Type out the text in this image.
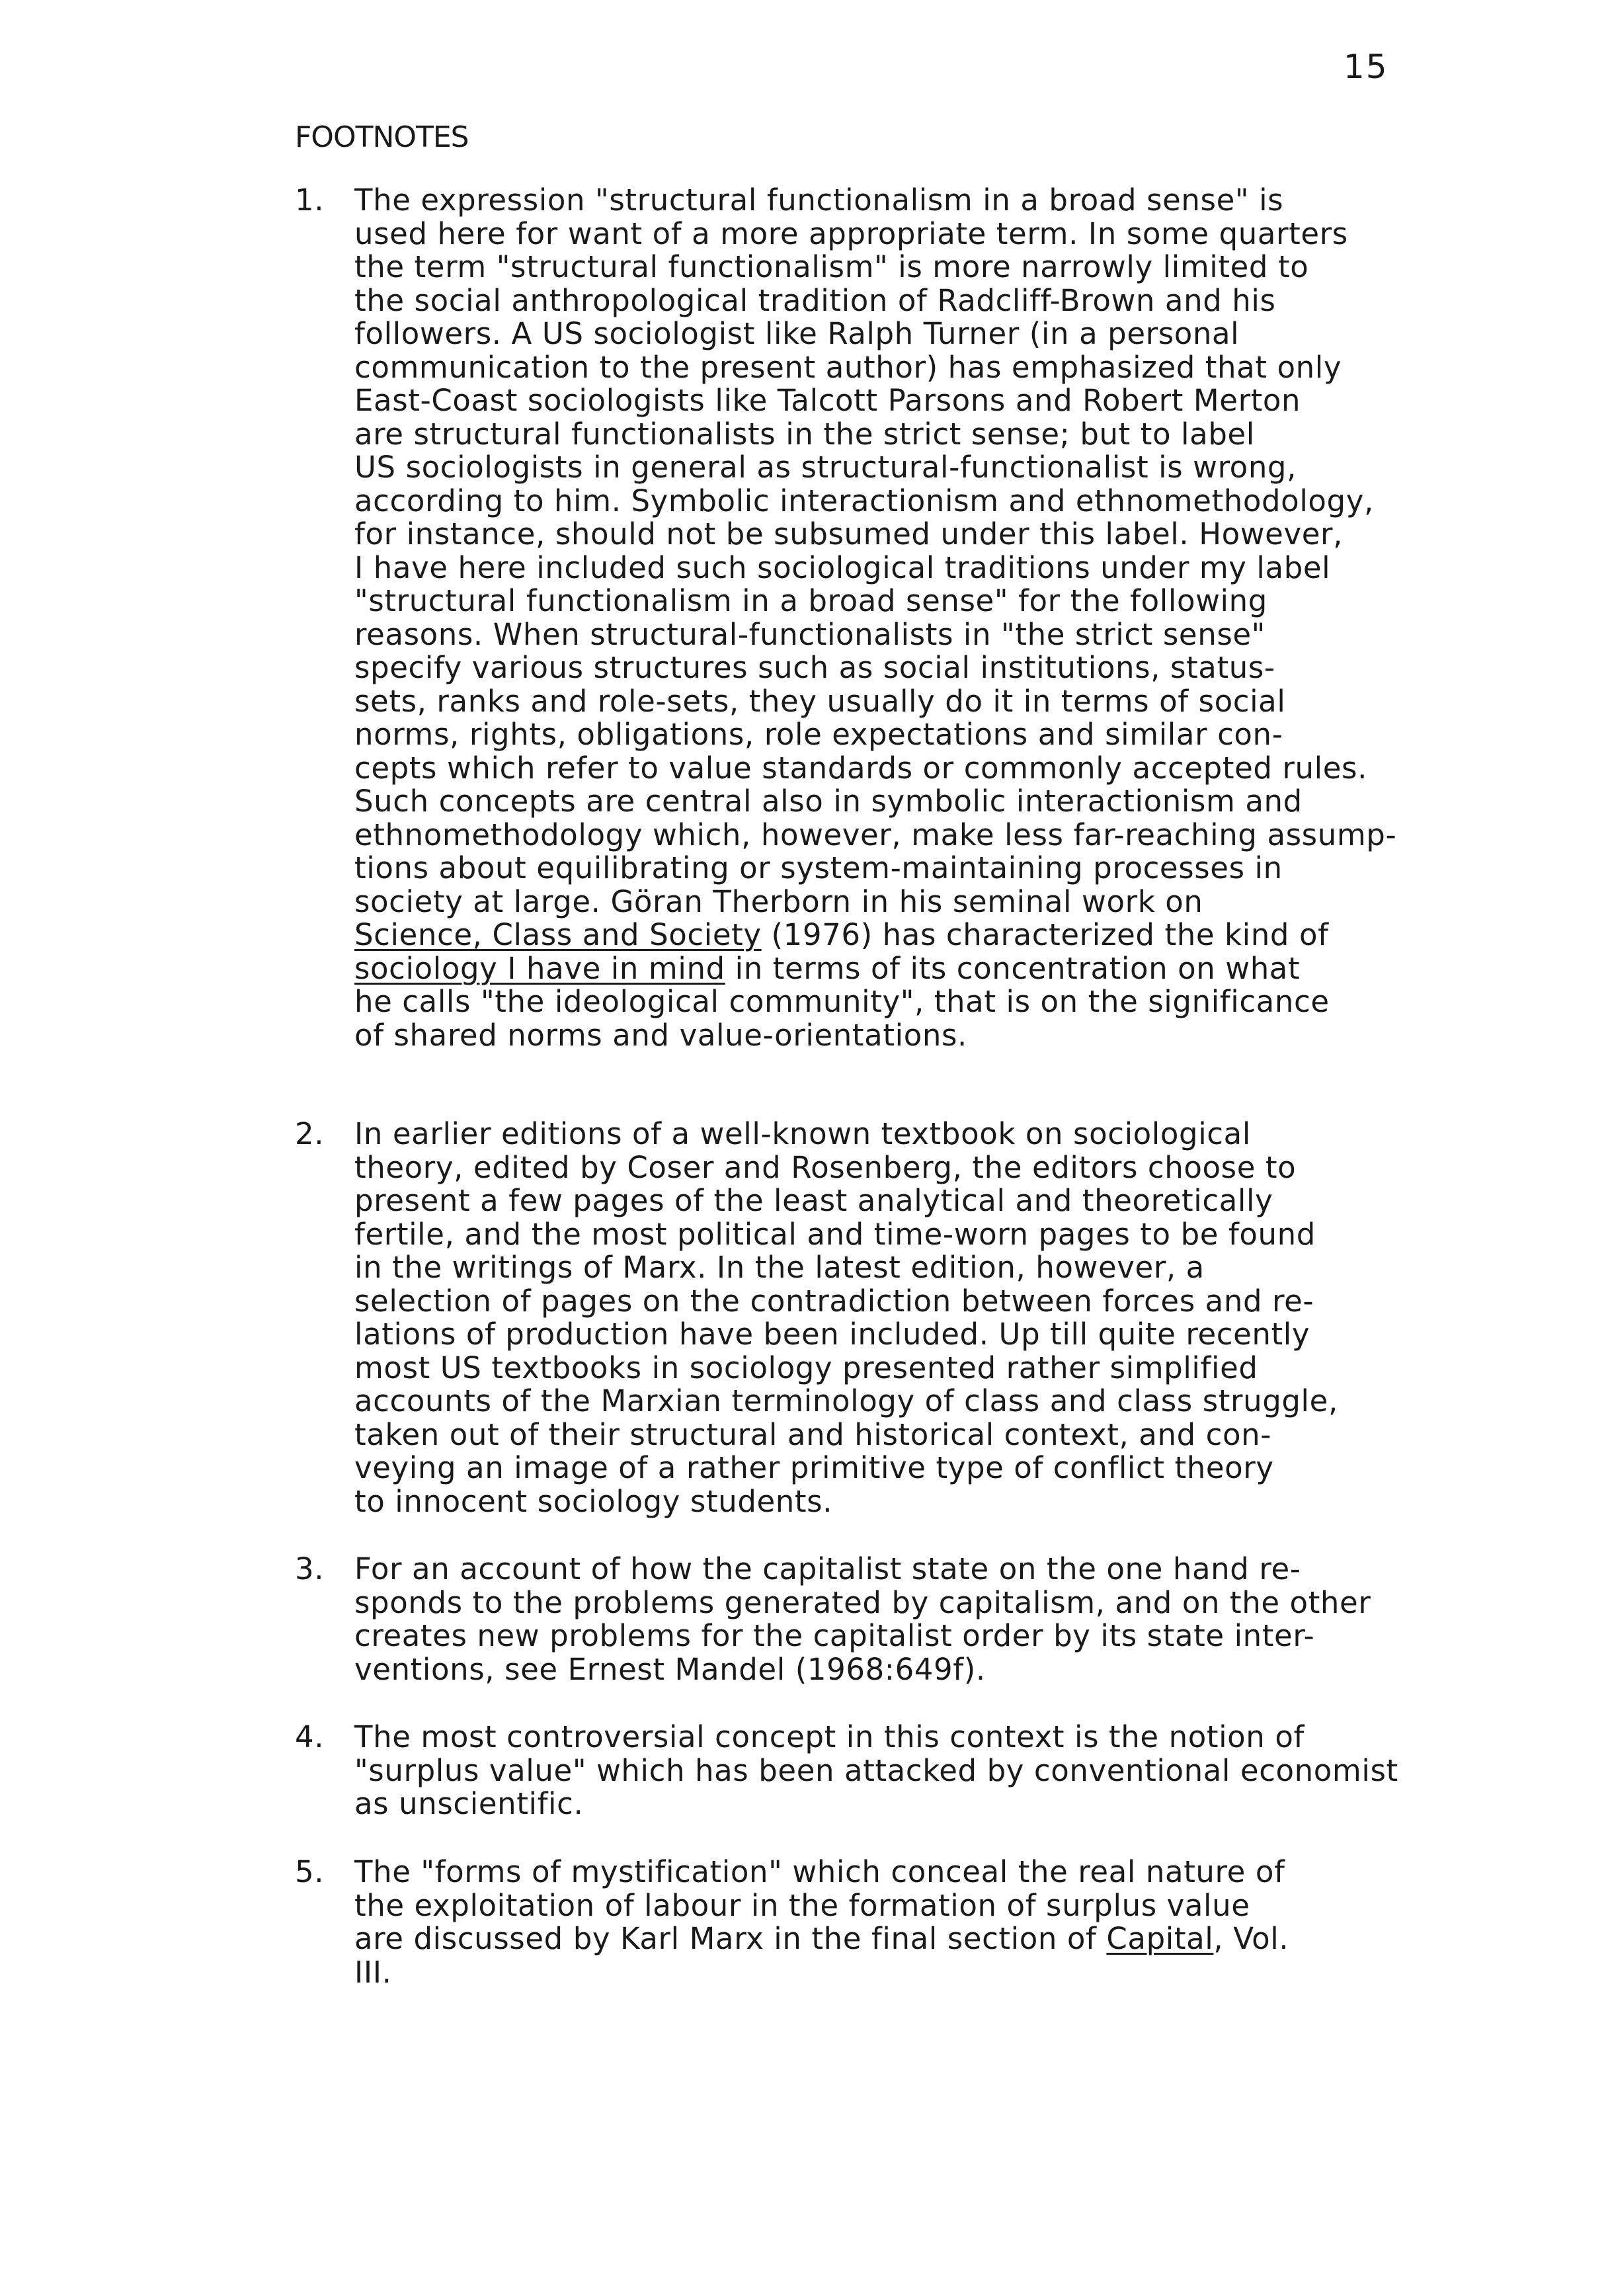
15
FOOTNOTES
1.	The expression "structural functionalism in a broad sense" is
used here for want of a more appropriate term. In some quarters
the term "structural functionalism" is more narrowly limited to
the social anthropological tradition of Radcliff-Brown and his
followers. A US sociologist like Ralph Turner (in a personal
communication to the present author) has emphasized that only
East-Coast sociologists like Talcott Parsons and Robert Merton
are structural functionalists in the strict sense; but to label
US sociologists in general as structural-functionalist is wrong,
according to him. Symbolic interactionism and ethnomethodology,
for instance, should not be subsumed under this label. However,
I have here included such sociological traditions under my label
"structural functionalism in a broad sense" for the following
reasons. When structural-functionalists in "the strict sense"
specify various structures such as social institutions, status-
sets, ranks and role-sets, they usually do it in terms of social
norms, rights, obligations, role expectations and similar con-
cepts which refer to value standards or commonly accepted rules.
Such concepts are central also in symbolic interactionism and
ethnomethodology which, however, make less far-reaching assump-
tions about equilibrating or system-maintaining processes in
society at large. Göran Therborn in his seminal work on
Science, Class and Society (1976) has characterized the kind of
sociology I have in mind in terms of its concentration on what
he calls "the ideological community", that is on the significance
of shared norms and value-orientations.
2.	In earlier editions of a well-known textbook on sociological
theory, edited by Coser and Rosenberg, the editors choose to
present a few pages of the least analytical and theoretically
fertile, and the most political and time-worn pages to be found
in the writings of Marx. In the latest edition, however, a
selection of pages on the contradiction between forces and re-
lations of production have been included. Up till quite recently
most US textbooks in sociology presented rather simplified
accounts of the Marxian terminology of class and class struggle,
taken out of their structural and historical context, and con-
veying an image of a rather primitive type of conflict theory
to innocent sociology students.
3.	For an account of how the capitalist state on the one hand re-
sponds to the problems generated by capitalism, and on the other
creates new problems for the capitalist order by its state inter-
ventions, see Ernest Mandel (1968:649f).
4.	The most controversial concept in this context is the notion of
"surplus value" which has been attacked by conventional economist
as unscientific.
5.	The "forms of mystification" which conceal the real nature of
the exploitation of labour in the formation of surplus value
are discussed by Karl Marx in the final section of Capital, Vol.
III.
